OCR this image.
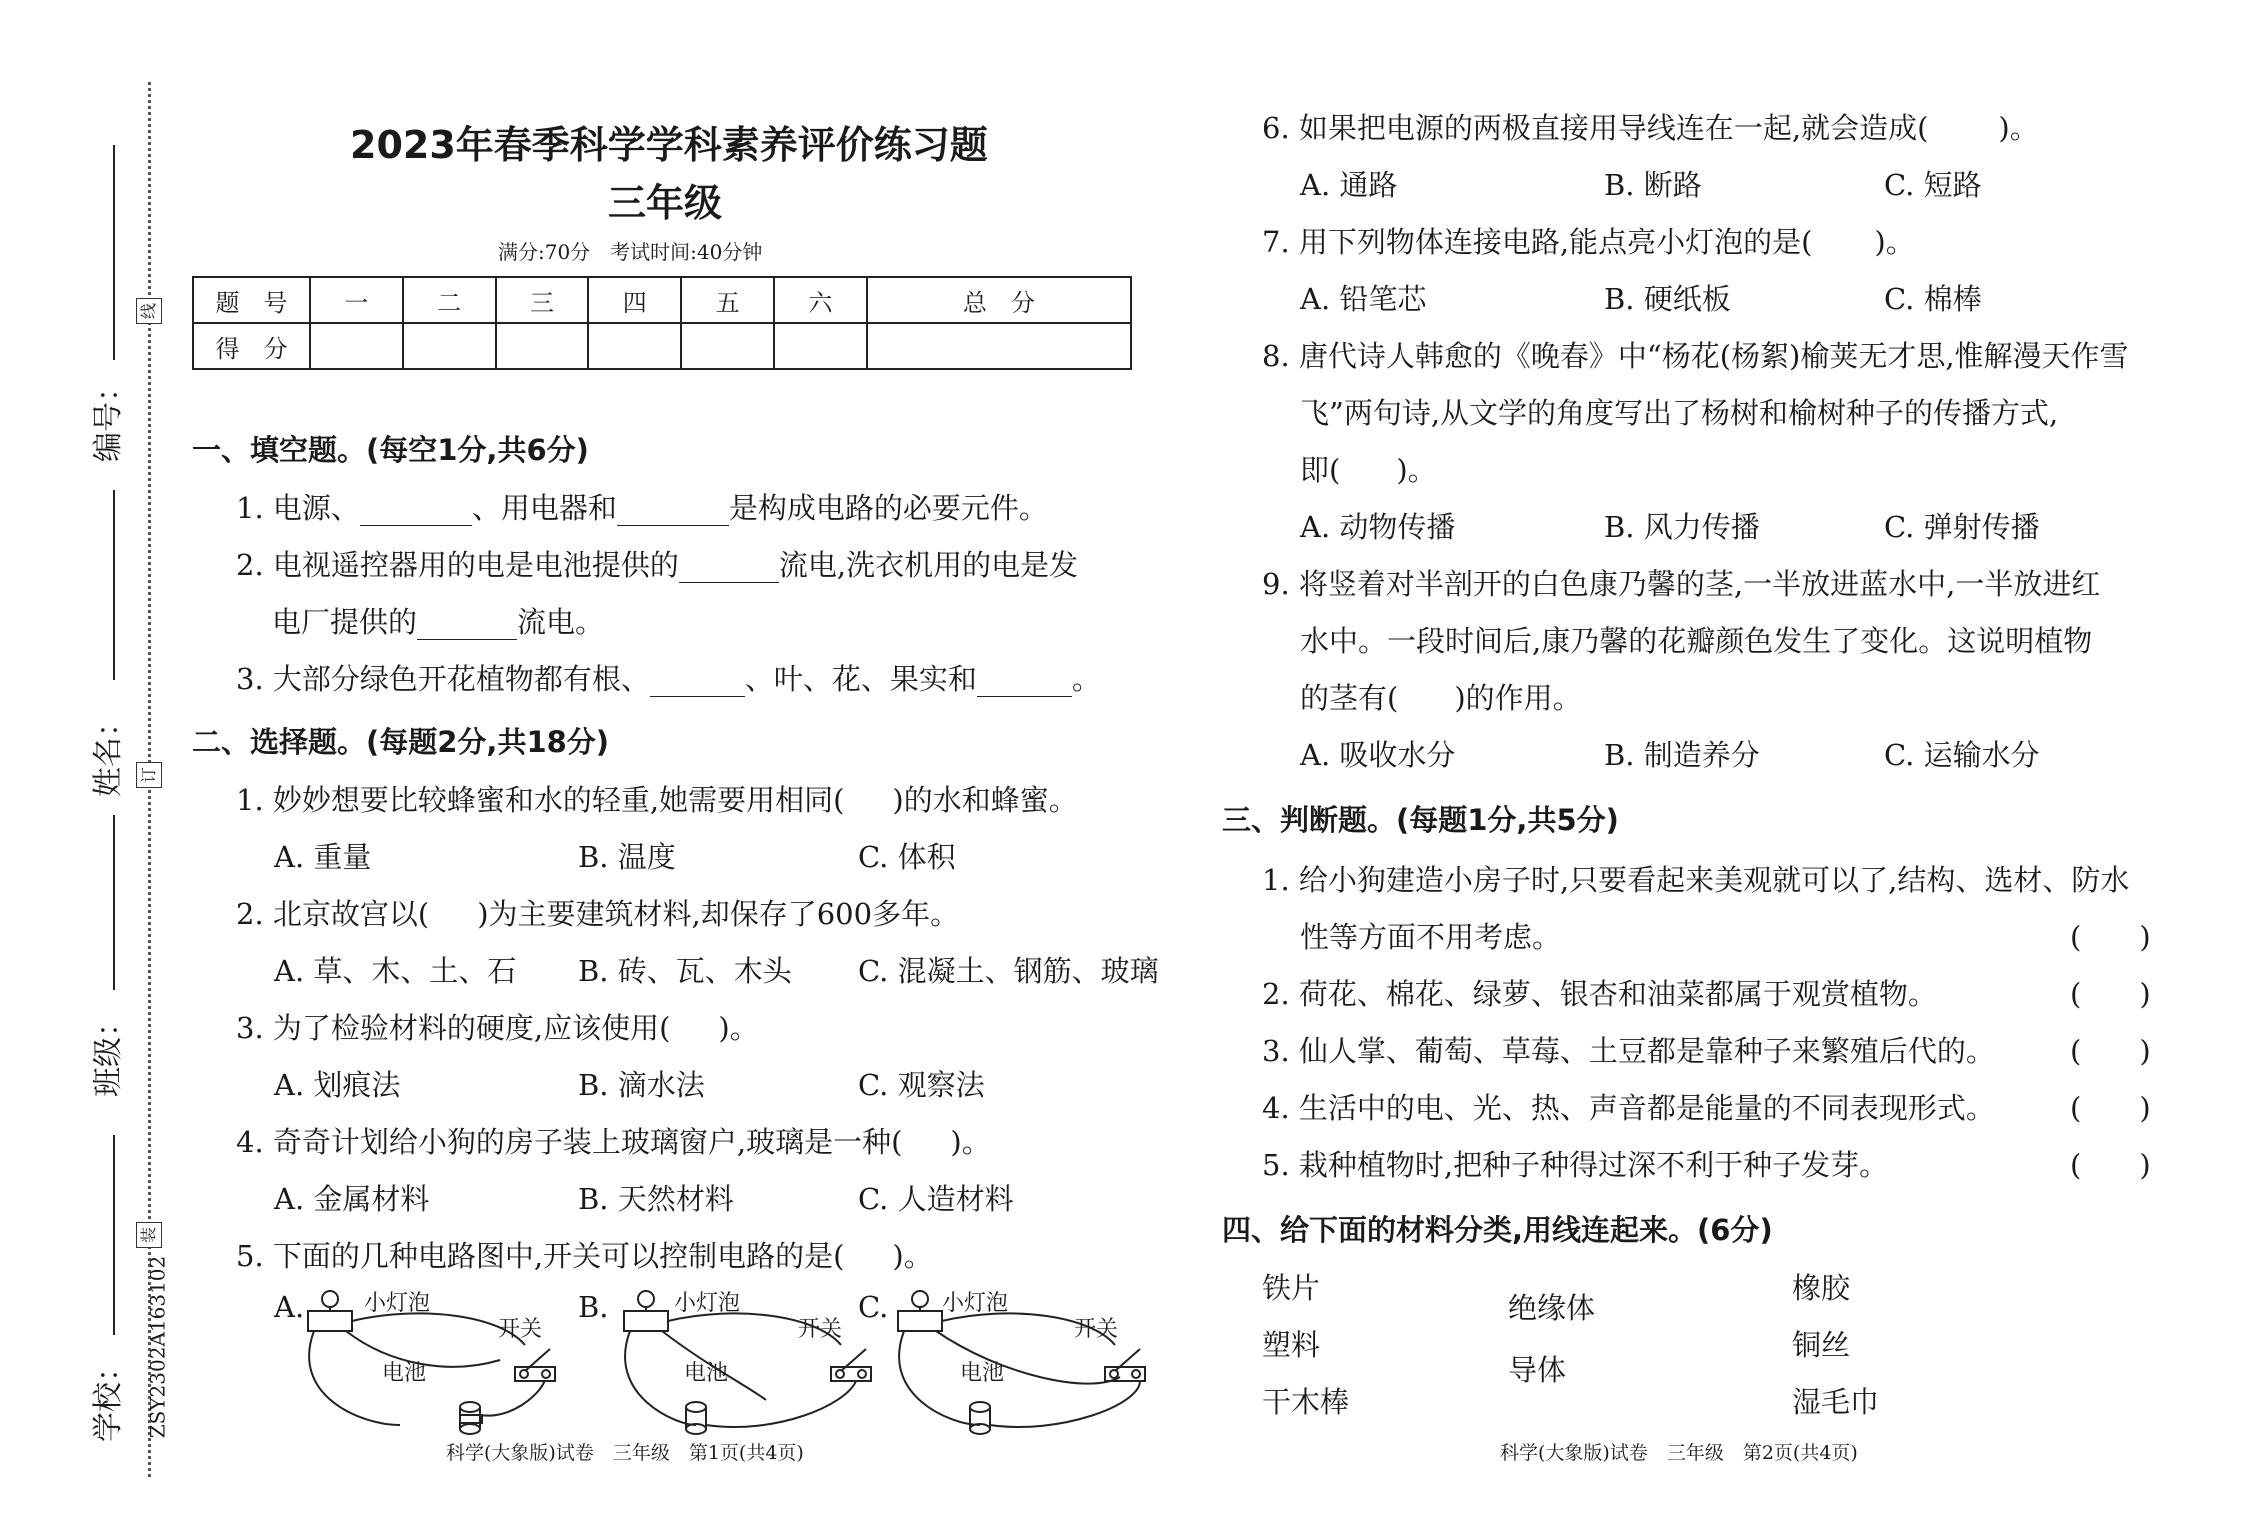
编号：
姓名：
班级：
学校：
线
订
装
ZSY2302A163102
2023年春季科学学科素养评价练习题
三年级
满分:70分　考试时间:40分钟
题　号	一	二	三	四	五	六	总　分
得　分							
一、填空题。(每空1分,共6分)
1. 电源、	、用电器和	是构成电路的必要元件。
2. 电视遥控器用的电是电池提供的	流电,洗衣机用的电是发
电厂提供的	流电。
3. 大部分绿色开花植物都有根、	、叶、花、果实和	。
二、选择题。(每题2分,共18分)
1. 妙妙想要比较蜂蜜和水的轻重,她需要用相同( )的水和蜂蜜。
A. 重量	B. 温度	C. 体积
2. 北京故宫以( )为主要建筑材料,却保存了600多年。
A. 草、木、土、石 B. 砖、瓦、木头 C. 混凝土、钢筋、玻璃
3. 为了检验材料的硬度,应该使用( )。
A. 划痕法	B. 滴水法	C. 观察法
4. 奇奇计划给小狗的房子装上玻璃窗户,玻璃是一种( )。
A. 金属材料	B. 天然材料	C. 人造材料
5. 下面的几种电路图中,开关可以控制电路的是( )。
A.	B.	C.
小灯泡
开关
电池
小灯泡
开关
电池
小灯泡
开关
电池
科学(大象版)试卷　三年级　第1页(共4页)
6. 如果把电源的两极直接用导线连在一起,就会造成( )。
A. 通路	B. 断路	C. 短路
7. 用下列物体连接电路,能点亮小灯泡的是( )。
A. 铅笔芯	B. 硬纸板	C. 棉棒
8. 唐代诗人韩愈的《晚春》中“杨花(杨絮)榆荚无才思,惟解漫天作雪
飞”两句诗,从文学的角度写出了杨树和榆树种子的传播方式,
即( )。
A. 动物传播	B. 风力传播	C. 弹射传播
9. 将竖着对半剖开的白色康乃馨的茎,一半放进蓝水中,一半放进红
水中。一段时间后,康乃馨的花瓣颜色发生了变化。这说明植物
的茎有( )的作用。
A. 吸收水分	B. 制造养分	C. 运输水分
三、判断题。(每题1分,共5分)
1. 给小狗建造小房子时,只要看起来美观就可以了,结构、选材、防水
性等方面不用考虑。	(　　)
2. 荷花、棉花、绿萝、银杏和油菜都属于观赏植物。	(　　)
3. 仙人掌、葡萄、草莓、土豆都是靠种子来繁殖后代的。	(　　)
4. 生活中的电、光、热、声音都是能量的不同表现形式。	(　　)
5. 栽种植物时,把种子种得过深不利于种子发芽。	(　　)
四、给下面的材料分类,用线连起来。(6分)
铁片
塑料
干木棒
绝缘体
导体
橡胶
铜丝
湿毛巾
科学(大象版)试卷　三年级　第2页(共4页)
